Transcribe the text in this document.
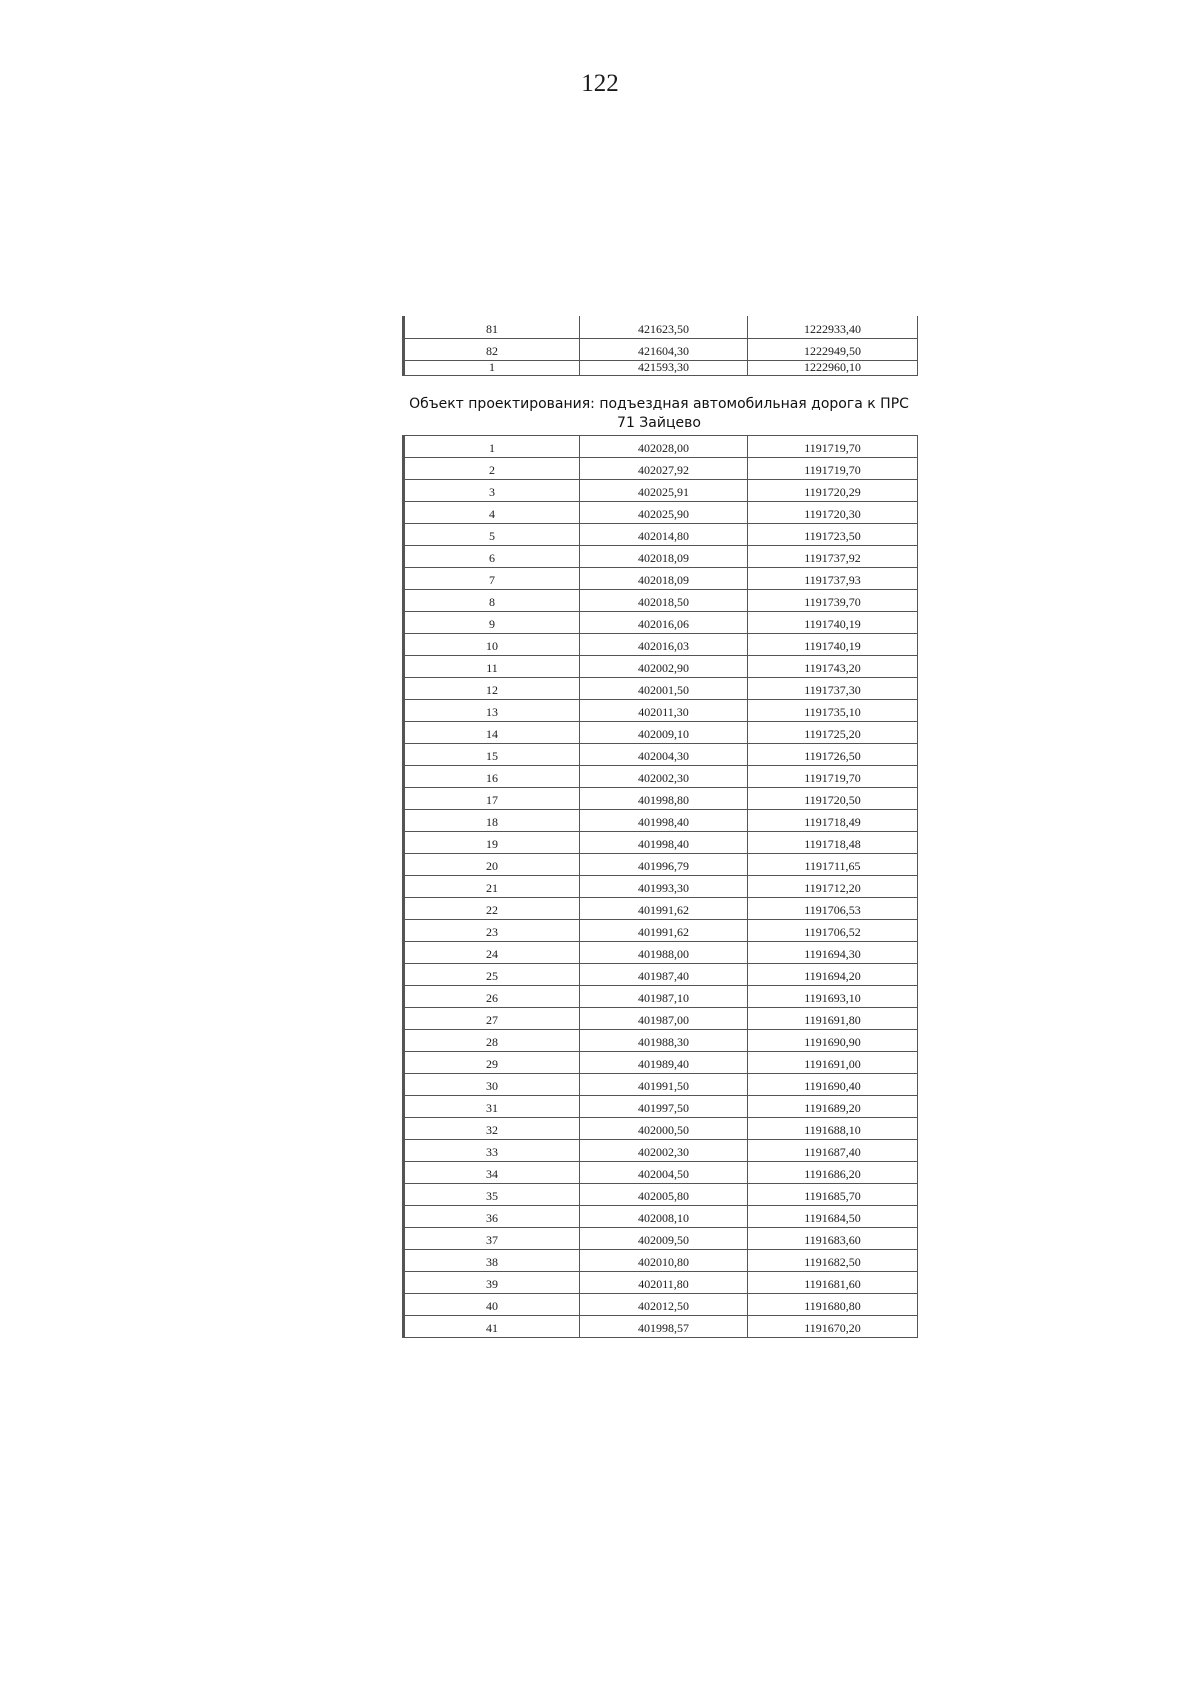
122
81	421623,50	1222933,40
82	421604,30	1222949,50
1	421593,30	1222960,10
Объект проектирования: подъездная автомобильная дорога к ПРС
71 Зайцево
1	402028,00	1191719,70
2	402027,92	1191719,70
3	402025,91	1191720,29
4	402025,90	1191720,30
5	402014,80	1191723,50
6	402018,09	1191737,92
7	402018,09	1191737,93
8	402018,50	1191739,70
9	402016,06	1191740,19
10	402016,03	1191740,19
11	402002,90	1191743,20
12	402001,50	1191737,30
13	402011,30	1191735,10
14	402009,10	1191725,20
15	402004,30	1191726,50
16	402002,30	1191719,70
17	401998,80	1191720,50
18	401998,40	1191718,49
19	401998,40	1191718,48
20	401996,79	1191711,65
21	401993,30	1191712,20
22	401991,62	1191706,53
23	401991,62	1191706,52
24	401988,00	1191694,30
25	401987,40	1191694,20
26	401987,10	1191693,10
27	401987,00	1191691,80
28	401988,30	1191690,90
29	401989,40	1191691,00
30	401991,50	1191690,40
31	401997,50	1191689,20
32	402000,50	1191688,10
33	402002,30	1191687,40
34	402004,50	1191686,20
35	402005,80	1191685,70
36	402008,10	1191684,50
37	402009,50	1191683,60
38	402010,80	1191682,50
39	402011,80	1191681,60
40	402012,50	1191680,80
41	401998,57	1191670,20
